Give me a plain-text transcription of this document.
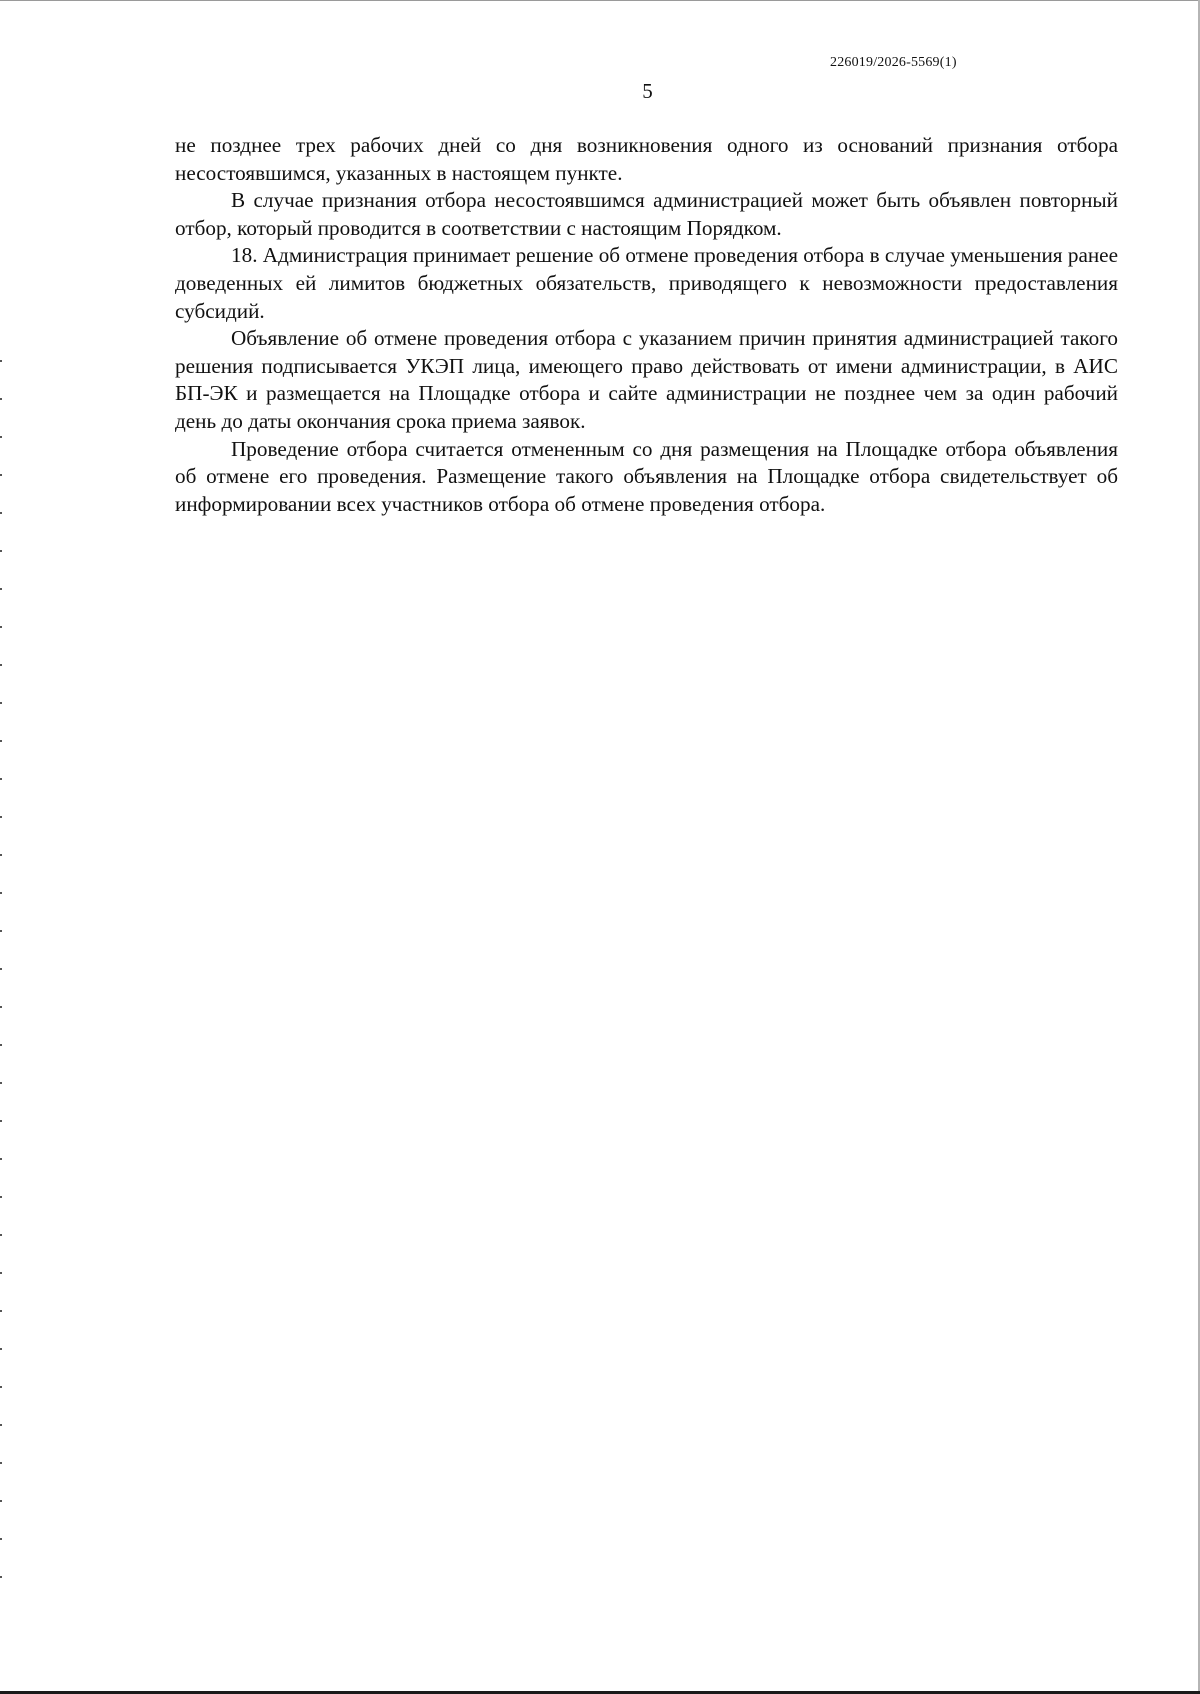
226019/2026-5569(1)
5

не позднее трех рабочих дней со дня возникновения одного из оснований признания отбора несостоявшимся, указанных в настоящем пункте.

В случае признания отбора несостоявшимся администрацией может быть объявлен повторный отбор, который проводится в соответствии с настоящим Порядком.

18. Администрация принимает решение об отмене проведения отбора в случае уменьшения ранее доведенных ей лимитов бюджетных обязательств, приводящего к невозможности предоставления субсидий.

Объявление об отмене проведения отбора с указанием причин принятия администрацией такого решения подписывается УКЭП лица, имеющего право действовать от имени администрации, в АИС БП-ЭК и размещается на Площадке отбора и сайте администрации не позднее чем за один рабочий день до даты окончания срока приема заявок.

Проведение отбора считается отмененным со дня размещения на Площадке отбора объявления об отмене его проведения. Размещение такого объявления на Площадке отбора свидетельствует об информировании всех участников отбора об отмене проведения отбора.
